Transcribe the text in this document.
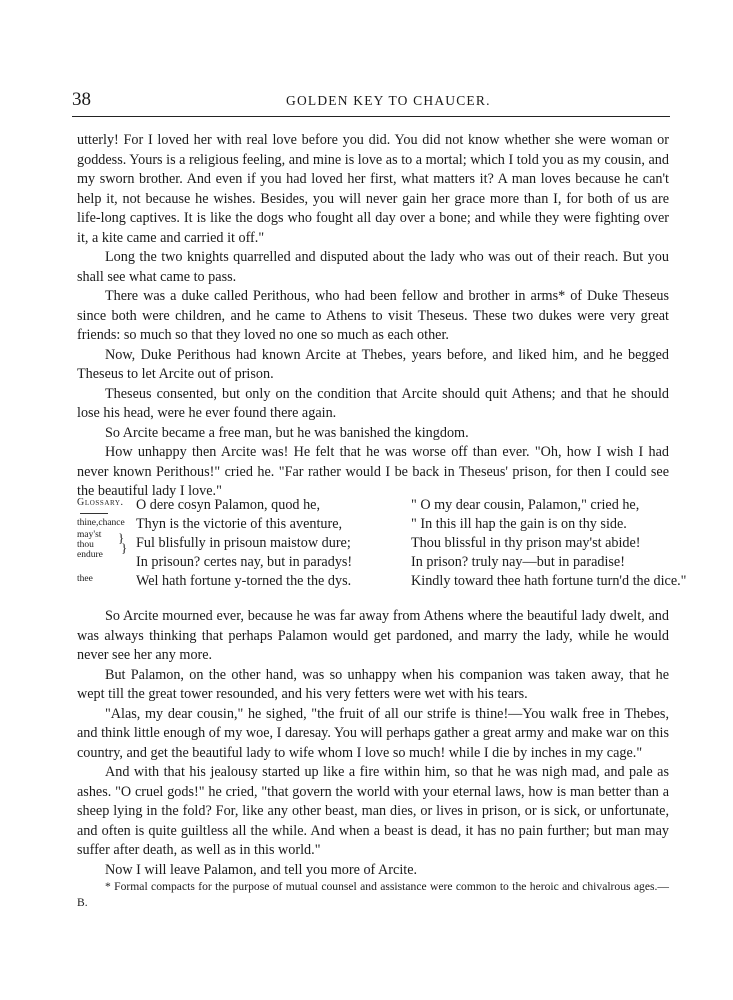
38	GOLDEN KEY TO CHAUCER.

utterly! For I loved her with real love before you did. You did not know whether she were woman or goddess. Yours is a religious feeling, and mine is love as to a mortal; which I told you as my cousin, and my sworn brother. And even if you had loved her first, what matters it? A man loves because he can't help it, not because he wishes. Besides, you will never gain her grace more than I, for both of us are life-long captives. It is like the dogs who fought all day over a bone; and while they were fighting over it, a kite came and carried it off."

Long the two knights quarrelled and disputed about the lady who was out of their reach. But you shall see what came to pass.

There was a duke called Perithous, who had been fellow and brother in arms* of Duke Theseus since both were children, and he came to Athens to visit Theseus. These two dukes were very great friends: so much so that they loved no one so much as each other.

Now, Duke Perithous had known Arcite at Thebes, years before, and liked him, and he begged Theseus to let Arcite out of prison.

Theseus consented, but only on the condition that Arcite should quit Athens; and that he should lose his head, were he ever found there again.

So Arcite became a free man, but he was banished the kingdom.

How unhappy then Arcite was! He felt that he was worse off than ever. "Oh, how I wish I had never known Perithous!" cried he. "Far rather would I be back in Theseus' prison, for then I could see the beautiful lady I love."

Glossary.
thine,chance
may'st
thou
endure
}
}
thee
O dere cosyn Palamon, quod he,
Thyn is the victorie of this aventure,
Ful blisfully in prisoun maistow dure;
In prisoun? certes nay, but in paradys!
Wel hath fortune y-torned the the dys.
" O my dear cousin, Palamon," cried he,
" In this ill hap the gain is on thy side.
Thou blissful in thy prison may'st abide!
In prison? truly nay—but in paradise!
Kindly toward thee hath fortune turn'd the dice."

So Arcite mourned ever, because he was far away from Athens where the beautiful lady dwelt, and was always thinking that perhaps Palamon would get pardoned, and marry the lady, while he would never see her any more.

But Palamon, on the other hand, was so unhappy when his companion was taken away, that he wept till the great tower resounded, and his very fetters were wet with his tears.

"Alas, my dear cousin," he sighed, "the fruit of all our strife is thine!—You walk free in Thebes, and think little enough of my woe, I daresay. You will perhaps gather a great army and make war on this country, and get the beautiful lady to wife whom I love so much! while I die by inches in my cage."

And with that his jealousy started up like a fire within him, so that he was nigh mad, and pale as ashes. "O cruel gods!" he cried, "that govern the world with your eternal laws, how is man better than a sheep lying in the fold? For, like any other beast, man dies, or lives in prison, or is sick, or unfortunate, and often is quite guiltless all the while. And when a beast is dead, it has no pain further; but man may suffer after death, as well as in this world."

Now I will leave Palamon, and tell you more of Arcite.

* Formal compacts for the purpose of mutual counsel and assistance were common to the heroic and chivalrous ages.—B.
